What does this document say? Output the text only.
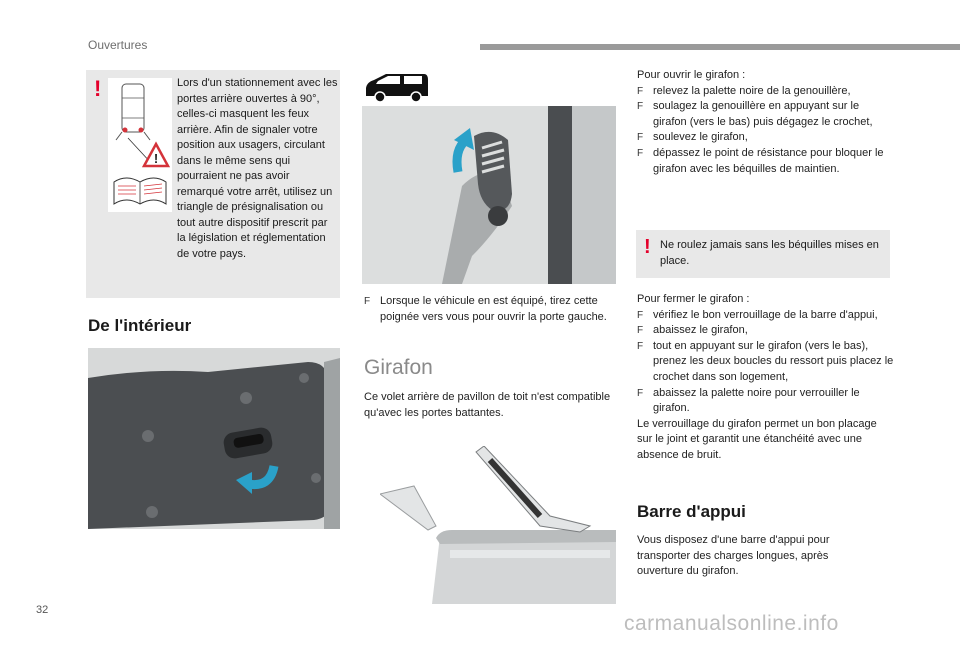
Ouvertures
!
!
Lors d'un stationnement avec les portes arrière ouvertes à 90°, celles-ci masquent les feux arrière. Afin de signaler votre position aux usagers, circulant dans le même sens qui pourraient ne pas avoir remarqué votre arrêt, utilisez un triangle de présignalisation ou tout autre dispositif prescrit par la législation et réglementation de votre pays.
De l'intérieur
F Lorsque le véhicule en est équipé, tirez cette poignée vers vous pour ouvrir la porte gauche.
Girafon
Ce volet arrière de pavillon de toit n'est compatible qu'avec les portes battantes.

Pour ouvrir le girafon :

F relevez la palette noire de la genouillère,
F soulagez la genouillère en appuyant sur le girafon (vers le bas) puis dégagez le crochet,
F soulevez le girafon,
F dépassez le point de résistance pour bloquer le girafon avec les béquilles de maintien.
! Ne roulez jamais sans les béquilles mises en place.

Pour fermer le girafon :

F vérifiez le bon verrouillage de la barre d'appui,
F abaissez le girafon,
F tout en appuyant sur le girafon (vers le bas), prenez les deux boucles du ressort puis placez le crochet dans son logement,
F abaissez la palette noire pour verrouiller le girafon.

Le verrouillage du girafon permet un bon placage sur le joint et garantit une étanchéité avec une absence de bruit.

Barre d'appui
Vous disposez d'une barre d'appui pour transporter des charges longues, après ouverture du girafon.
32
carmanualsonline.info
